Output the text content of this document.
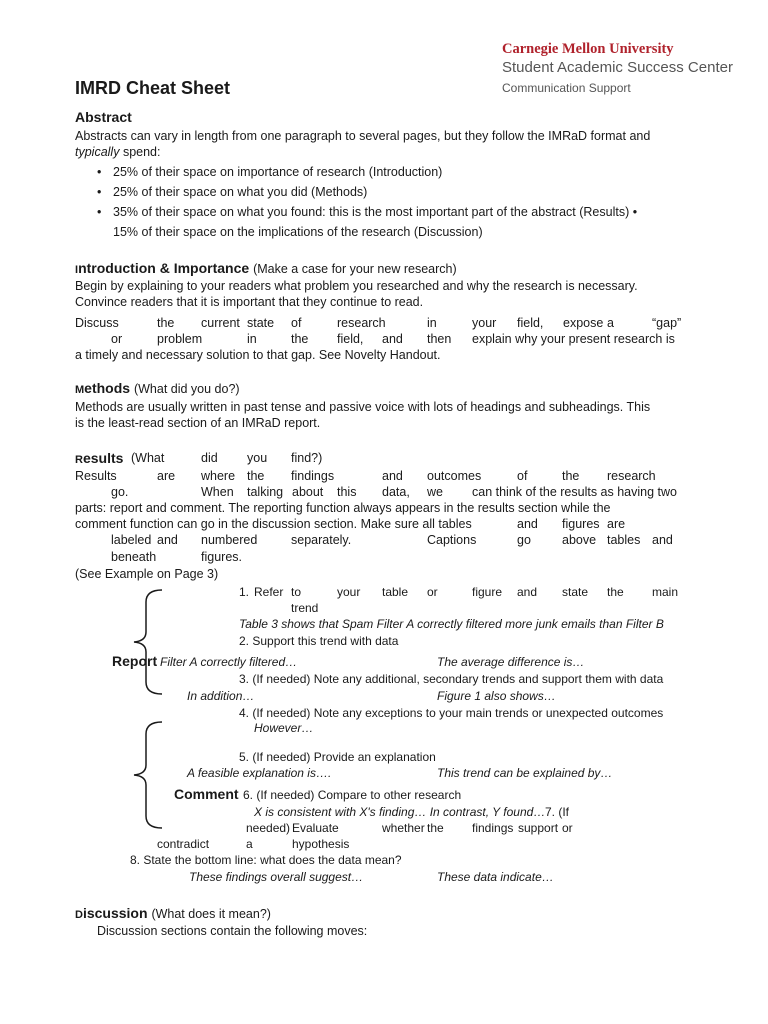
Carnegie Mellon University
Student Academic Success Center
Communication Support
IMRD Cheat Sheet
Abstract
Abstracts can vary in length from one paragraph to several pages, but they follow the IMRaD format and
typically spend:
• 25% of their space on importance of research (Introduction)
• 25% of their space on what you did (Methods)
• 35% of their space on what you found: this is the most important part of the abstract (Results) •
15% of their space on the implications of the research (Discussion)
Introduction & Importance (Make a case for your new research)
Begin by explaining to your readers what problem you researched and why the research is necessary.
Convince readers that it is important that they continue to read.
Discuss	the current state of	research	in	your field, expose a	“gap”
or	problem	in	the field, and then explain why your present research is
a timely and necessary solution to that gap. See Novelty Handout.
Methods (What did you do?)
Methods are usually written in past tense and passive voice with lots of headings and subheadings. This
is the least-read section of an IMRaD report.
Results (What	did you find?)
Results	are where the findings	and outcomes	of	the research
go.	When talking about this data, we can think of the results as having two
parts: report and comment. The reporting function always appears in the results section while the
comment function can go in the discussion section. Make sure all tables	and figures are
labeled and numbered	separately.	Captions	go above tables and
beneath	figures.
(See Example on Page 3)
1. Refer to	your table or	figure and state the main
trend
Table 3 shows that Spam Filter A correctly filtered more junk emails than Filter B
2. Support this trend with data
Report Filter A correctly filtered…	The average difference is…
3. (If needed) Note any additional, secondary trends and support them with data
In addition…	Figure 1 also shows…
4. (If needed) Note any exceptions to your main trends or unexpected outcomes
However…
5. (If needed) Provide an explanation
A feasible explanation is….	This trend can be explained by…
Comment 6. (If needed) Compare to other research
X is consistent with X's finding… In contrast, Y found… 7. (If
needed) Evaluate	whether the findings support or
contradict	a	hypothesis
8. State the bottom line: what does the data mean?
These findings overall suggest…	These data indicate…
Discussion (What does it mean?)
Discussion sections contain the following moves:
